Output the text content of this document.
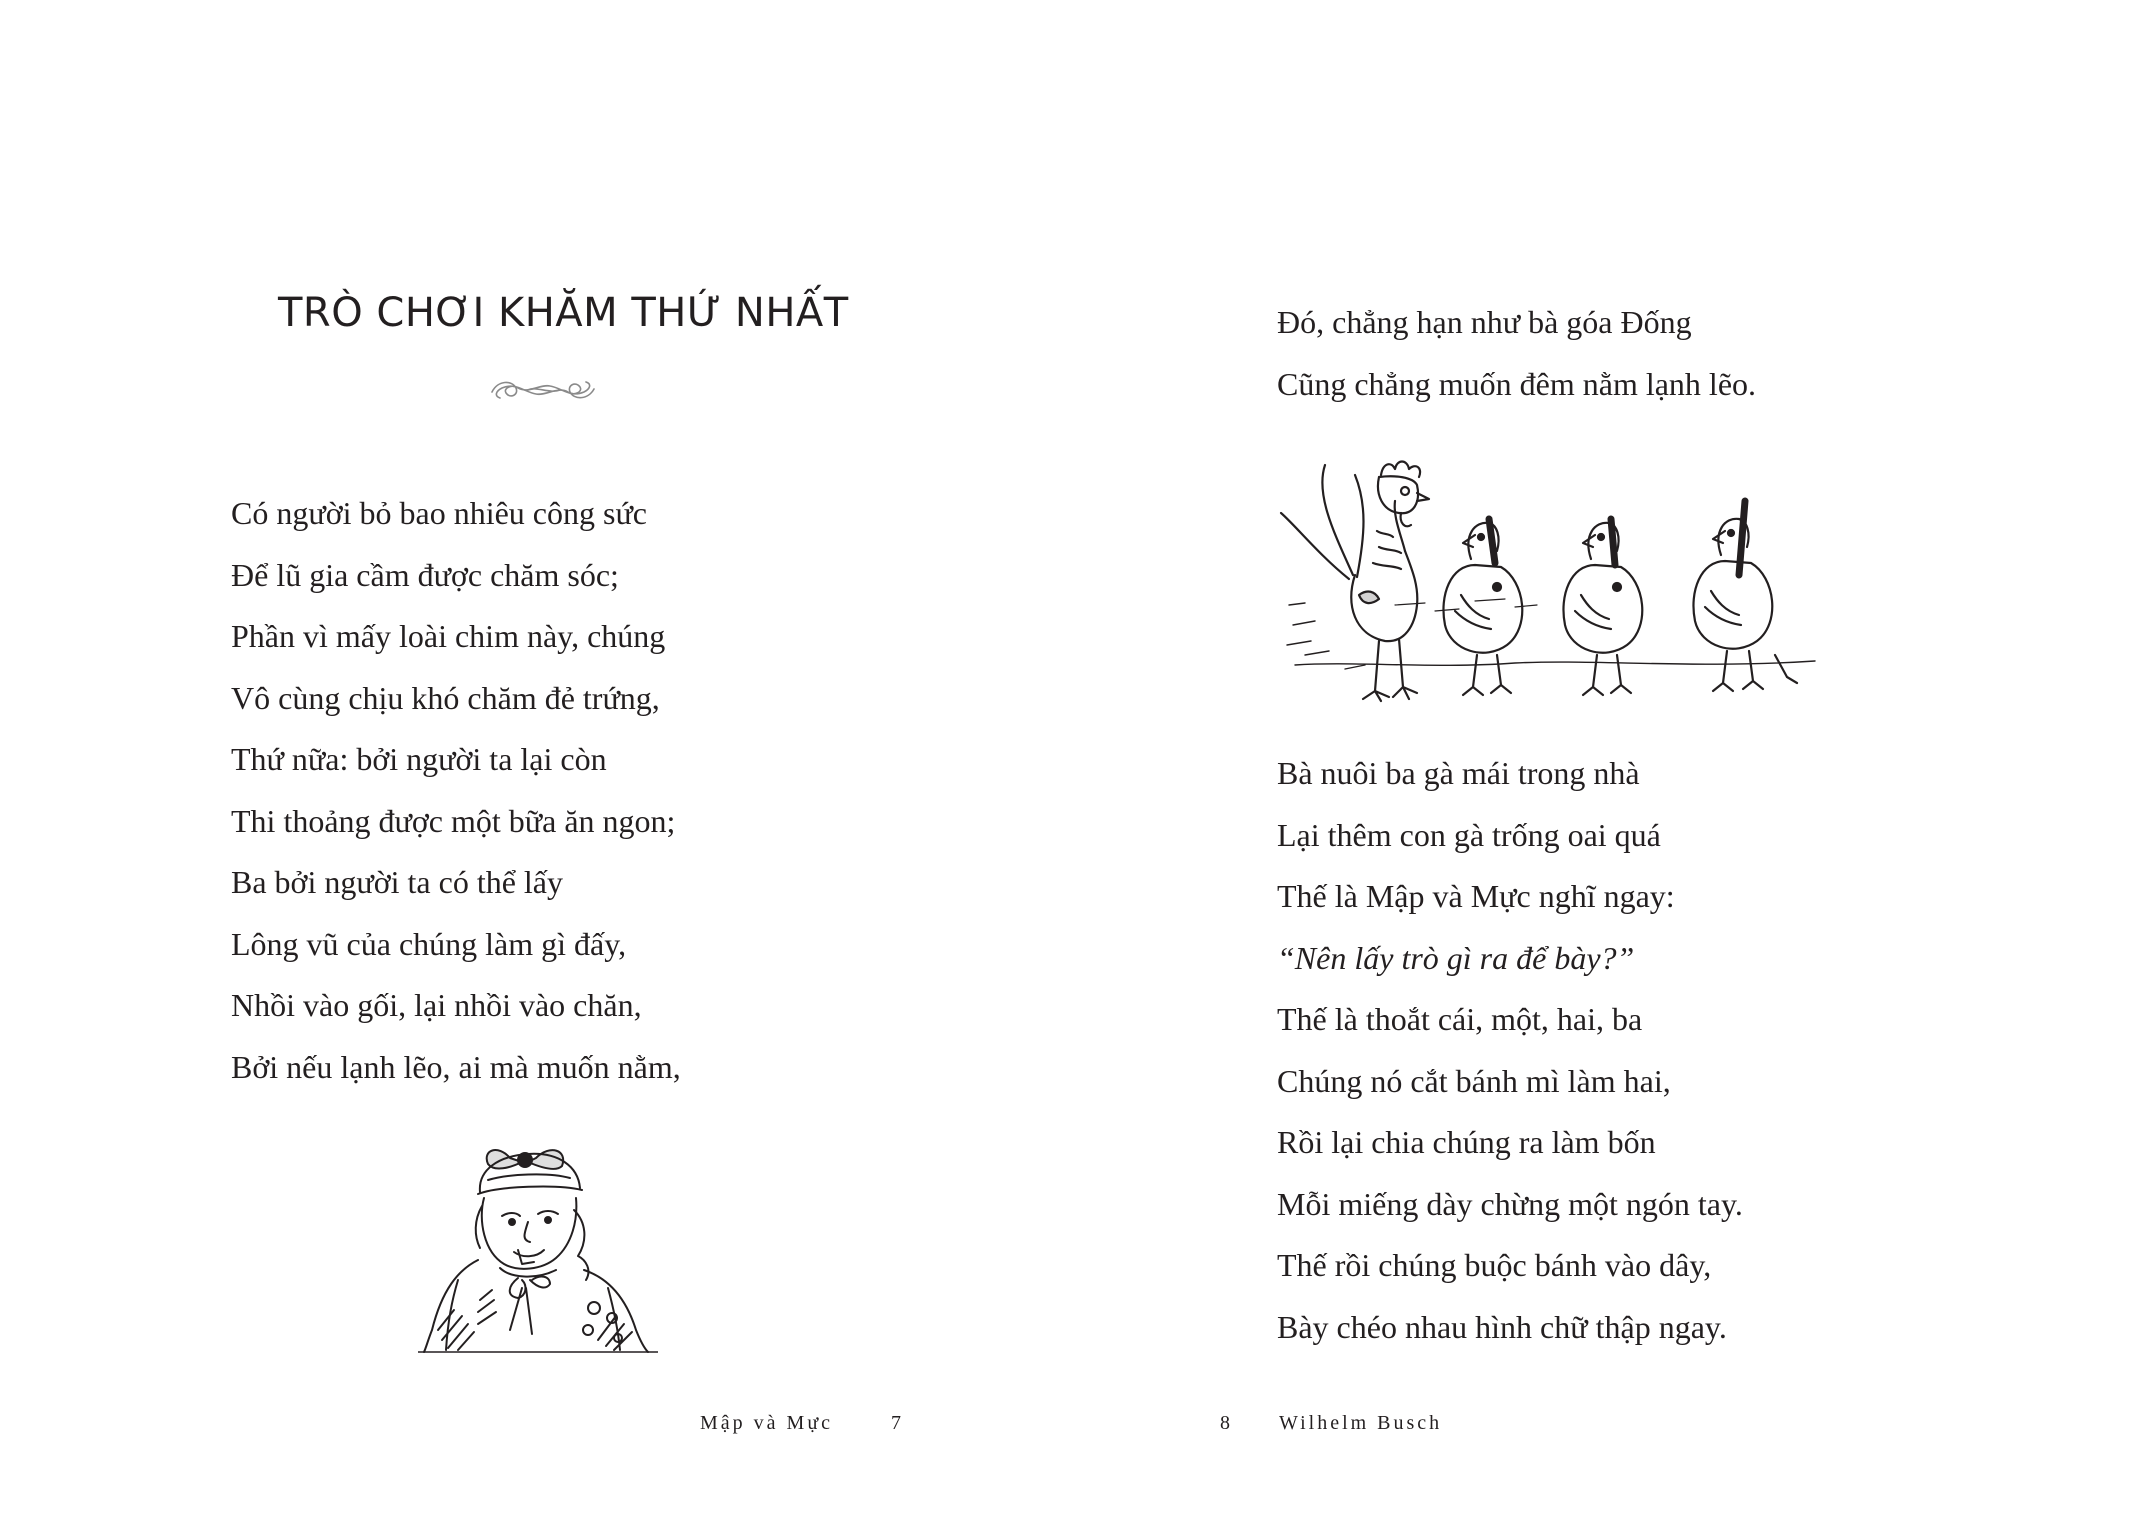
TRÒ CHƠI KHĂM THỨ NHẤT
Có người bỏ bao nhiêu công sức
Để lũ gia cầm được chăm sóc;
Phần vì mấy loài chim này, chúng
Vô cùng chịu khó chăm đẻ trứng,
Thứ nữa: bởi người ta lại còn
Thi thoảng được một bữa ăn ngon;
Ba bởi người ta có thể lấy
Lông vũ của chúng làm gì đấy,
Nhồi vào gối, lại nhồi vào chăn,
Bởi nếu lạnh lẽo, ai mà muốn nằm,
Mập và Mực	7
Đó, chẳng hạn như bà góa Đống
Cũng chẳng muốn đêm nằm lạnh lẽo.
Bà nuôi ba gà mái trong nhà
Lại thêm con gà trống oai quá
Thế là Mập và Mực nghĩ ngay:
“Nên lấy trò gì ra để bày?”
Thế là thoắt cái, một, hai, ba
Chúng nó cắt bánh mì làm hai,
Rồi lại chia chúng ra làm bốn
Mỗi miếng dày chừng một ngón tay.
Thế rồi chúng buộc bánh vào dây,
Bày chéo nhau hình chữ thập ngay.
8 Wilhelm Busch
